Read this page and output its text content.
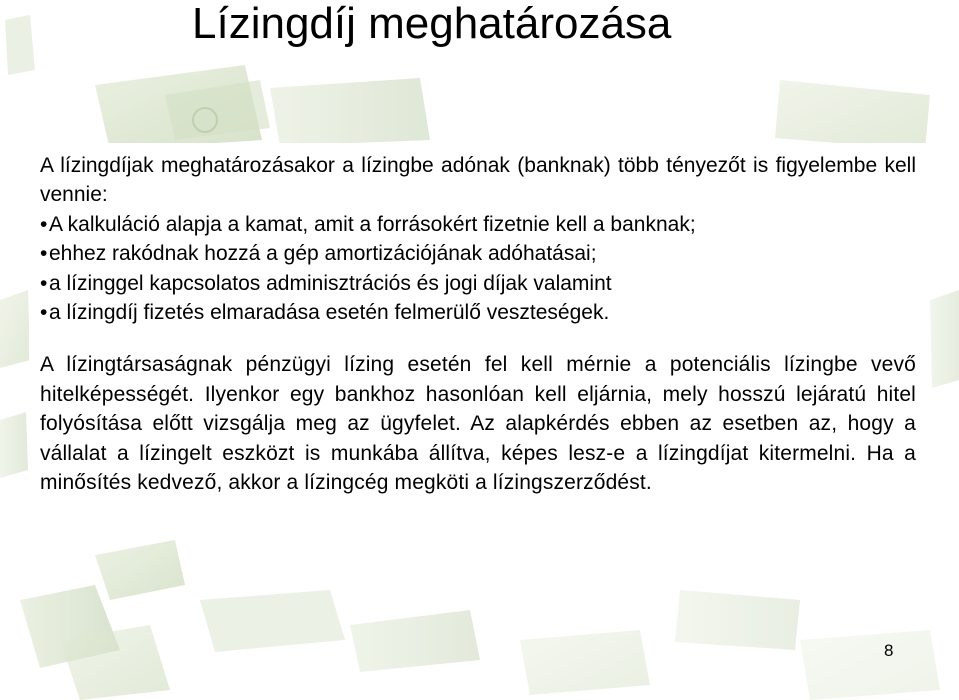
Lízingdíj meghatározása

A lízingdíjak meghatározásakor a lízingbe adónak (banknak) több tényezőt is figyelembe kell vennie:

•A kalkuláció alapja a kamat, amit a forrásokért fizetnie kell a banknak;
•ehhez rakódnak hozzá a gép amortizációjának adóhatásai;
•a lízinggel kapcsolatos adminisztrációs és jogi díjak valamint
•a lízingdíj fizetés elmaradása esetén felmerülő veszteségek.

A lízingtársaságnak pénzügyi lízing esetén fel kell mérnie a potenciális lízingbe vevő hitelképességét. Ilyenkor egy bankhoz hasonlóan kell eljárnia, mely hosszú lejáratú hitel folyósítása előtt vizsgálja meg az ügyfelet. Az alapkérdés ebben az esetben az, hogy a vállalat a lízingelt eszközt is munkába állítva, képes lesz-e a lízingdíjat kitermelni. Ha a minősítés kedvező, akkor a lízingcég megköti a lízingszerződést.

8
